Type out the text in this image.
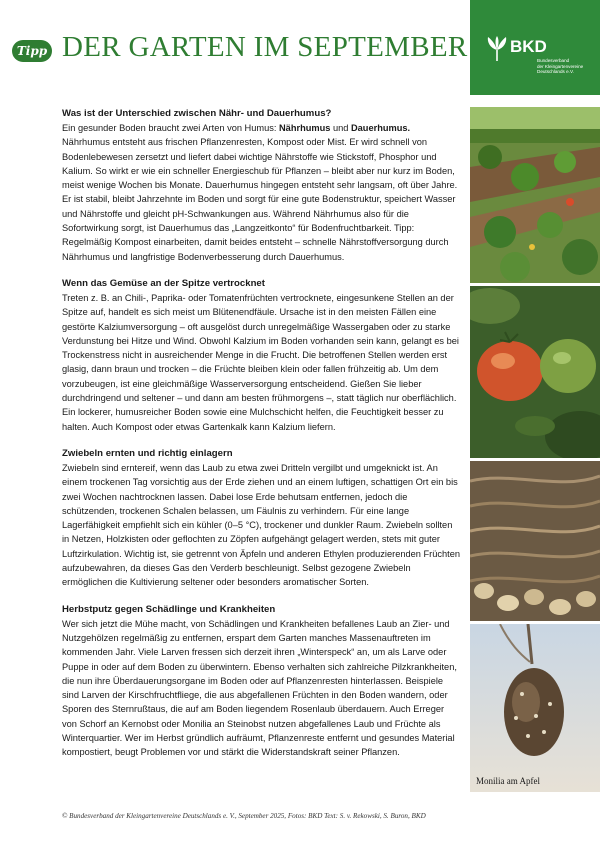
Tipp DER GARTEN IM SEPTEMBER BKD
Bundesverband
der Kleingartenvereine Deutschlands e.V.
Was ist der Unterschied zwischen Nähr- und Dauerhumus?

Ein gesunder Boden braucht zwei Arten von Humus: Nährhumus und Dauerhumus. Nährhumus entsteht aus frischen Pflanzenresten, Kompost oder Mist. Er wird schnell von Bodenlebewesen zersetzt und liefert dabei wichtige Nährstoffe wie Stickstoff, Phosphor und Kalium. So wirkt er wie ein schneller Energieschub für Pflanzen – bleibt aber nur kurz im Boden, meist wenige Wochen bis Monate. Dauerhumus hingegen entsteht sehr langsam, oft über Jahre. Er ist stabil, bleibt Jahrzehnte im Boden und sorgt für eine gute Bodenstruktur, speichert Wasser und Nährstoffe und gleicht pH-Schwankungen aus. Während Nährhumus also für die Sofortwirkung sorgt, ist Dauerhumus das „Langzeitkonto“ für Bodenfruchtbarkeit. Tipp: Regelmäßig Kompost einarbeiten, damit beides entsteht – schnelle Nährstoffversorgung durch Nährhumus und langfristige Bodenverbesserung durch Dauerhumus.

Wenn das Gemüse an der Spitze vertrocknet

Treten z. B. an Chili-, Paprika- oder Tomatenfrüchten vertrocknete, eingesunkene Stellen an der Spitze auf, handelt es sich meist um Blütenendfäule. Ursache ist in den meisten Fällen eine gestörte Kalziumversorgung – oft ausgelöst durch unregelmäßige Wassergaben oder zu starke Verdunstung bei Hitze und Wind. Obwohl Kalzium im Boden vorhanden sein kann, gelangt es bei Trockenstress nicht in ausreichender Menge in die Frucht. Die betroffenen Stellen werden erst glasig, dann braun und trocken – die Früchte bleiben klein oder fallen frühzeitig ab. Um dem vorzubeugen, ist eine gleichmäßige Wasserversorgung entscheidend. Gießen Sie lieber durchdringend und seltener – und dann am besten frühmorgens –, statt täglich nur oberflächlich. Ein lockerer, humusreicher Boden sowie eine Mulchschicht helfen, die Feuchtigkeit besser zu halten. Auch Kompost oder etwas Gartenkalk kann Kalzium liefern.

Zwiebeln ernten und richtig einlagern

Zwiebeln sind erntereif, wenn das Laub zu etwa zwei Dritteln vergilbt und umgeknickt ist. An einem trockenen Tag vorsichtig aus der Erde ziehen und an einem luftigen, schattigen Ort ein bis zwei Wochen nachtrocknen lassen. Dabei lose Erde behutsam entfernen, jedoch die schützenden, trockenen Schalen belassen, um Fäulnis zu verhindern. Für eine lange Lagerfähigkeit empfiehlt sich ein kühler (0–5 °C), trockener und dunkler Raum. Zwiebeln sollten in Netzen, Holzkisten oder geflochten zu Zöpfen aufgehängt gelagert werden, stets mit guter Luftzirkulation. Wichtig ist, sie getrennt von Äpfeln und anderen Ethylen produzierenden Früchten aufzubewahren, da dieses Gas den Verderb beschleunigt. Selbst gezogene Zwiebeln ermöglichen die Kultivierung seltener oder besonders aromatischer Sorten.

Herbstputz gegen Schädlinge und Krankheiten

Wer sich jetzt die Mühe macht, von Schädlingen und Krankheiten befallenes Laub an Zier- und Nutzgehölzen regelmäßig zu entfernen, erspart dem Garten manches Massenauftreten im kommenden Jahr. Viele Larven fressen sich derzeit ihren „Winterspeck“ an, um als Larve oder Puppe in oder auf dem Boden zu überwintern. Ebenso verhalten sich zahlreiche Pilzkrankheiten, die nun ihre Überdauerungsorgane im Boden oder auf Pflanzenresten hinterlassen. Beispiele sind Larven der Kirschfruchtfliege, die aus abgefallenen Früchten in den Boden wandern, oder Sporen des Sternrußtaus, die auf am Boden liegendem Rosenlaub überdauern. Auch Erreger von Schorf an Kernobst oder Monilia an Steinobst nutzen abgefallenes Laub und Früchte als Winterquartier. Wer im Herbst gründlich aufräumt, Pflanzenreste entfernt und gesundes Material kompostiert, beugt Problemen vor und stärkt die Widerstandskraft seiner Pflanzen.

Monilia am Apfel
© Bundesverband der Kleingartenvereine Deutschlands e. V., September 2025, Fotos: BKD Text: S. v. Rekowski, S. Buron, BKD
